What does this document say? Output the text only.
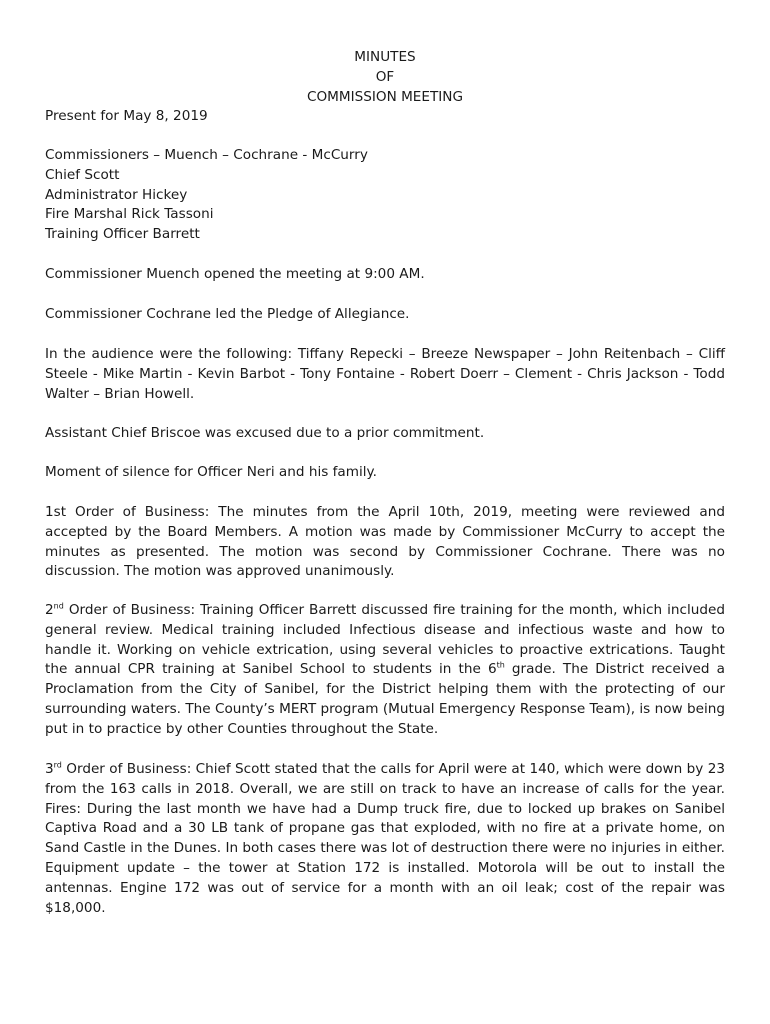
MINUTES
OF
COMMISSION MEETING
Present for May 8, 2019
Commissioners – Muench – Cochrane - McCurry
Chief Scott
Administrator Hickey
Fire Marshal Rick Tassoni
Training Officer Barrett
Commissioner Muench opened the meeting at 9:00 AM.
Commissioner Cochrane led the Pledge of Allegiance.
In the audience were the following: Tiffany Repecki – Breeze Newspaper – John Reitenbach – Cliff Steele - Mike Martin - Kevin Barbot - Tony Fontaine - Robert Doerr – Clement - Chris Jackson - Todd Walter – Brian Howell.
Assistant Chief Briscoe was excused due to a prior commitment.
Moment of silence for Officer Neri and his family.
1st Order of Business: The minutes from the April 10th, 2019, meeting were reviewed and accepted by the Board Members. A motion was made by Commissioner McCurry to accept the minutes as presented. The motion was second by Commissioner Cochrane. There was no discussion. The motion was approved unanimously.
2nd Order of Business: Training Officer Barrett discussed fire training for the month, which included general review. Medical training included Infectious disease and infectious waste and how to handle it. Working on vehicle extrication, using several vehicles to proactive extrications. Taught the annual CPR training at Sanibel School to students in the 6th grade. The District received a Proclamation from the City of Sanibel, for the District helping them with the protecting of our surrounding waters. The County’s MERT program (Mutual Emergency Response Team), is now being put in to practice by other Counties throughout the State.
3rd Order of Business: Chief Scott stated that the calls for April were at 140, which were down by 23 from the 163 calls in 2018. Overall, we are still on track to have an increase of calls for the year. Fires: During the last month we have had a Dump truck fire, due to locked up brakes on Sanibel Captiva Road and a 30 LB tank of propane gas that exploded, with no fire at a private home, on Sand Castle in the Dunes. In both cases there was lot of destruction there were no injuries in either. Equipment update – the tower at Station 172 is installed. Motorola will be out to install the antennas. Engine 172 was out of service for a month with an oil leak; cost of the repair was $18,000.
